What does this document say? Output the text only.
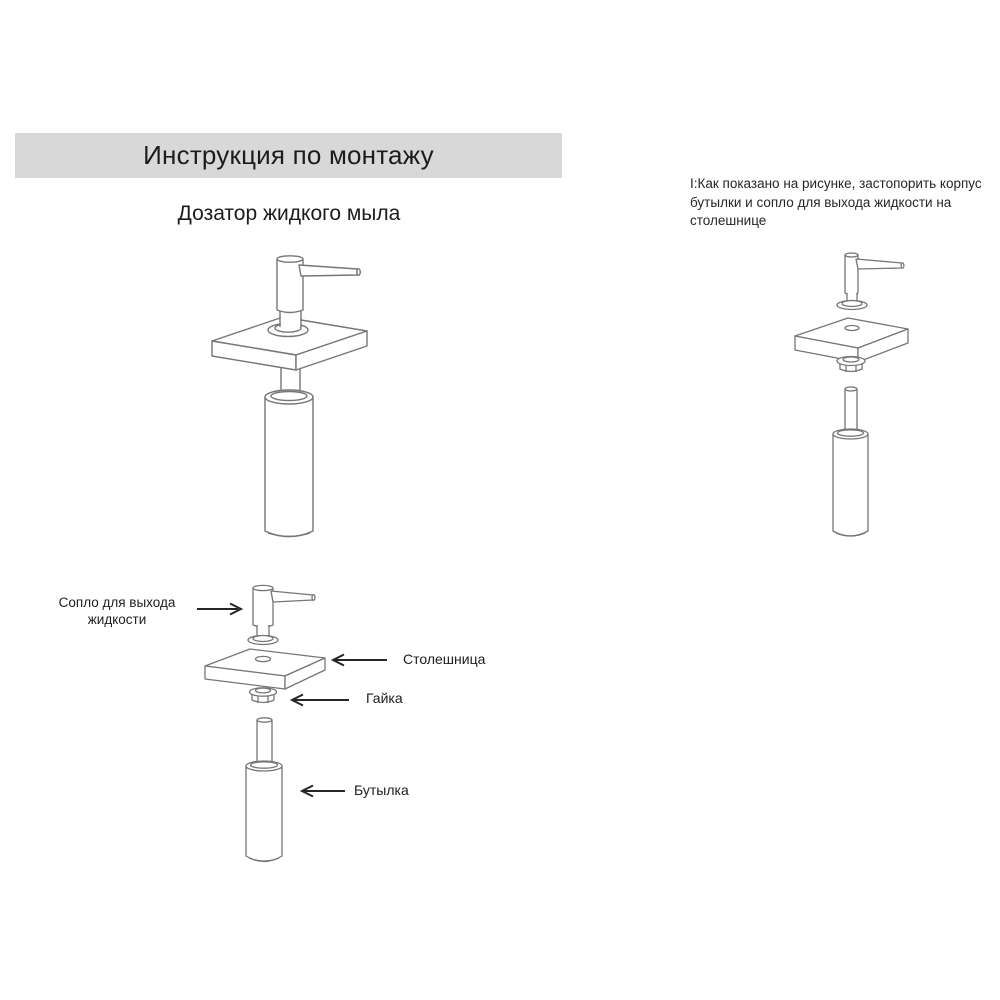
Инструкция по монтажу
Дозатор жидкого мыла
I:Как показано на рисунке, застопорить корпус бутылки и сопло для выхода жидкости на столешнице
Сопло для выхода жидкости
Столешница
Гайка
Бутылка
